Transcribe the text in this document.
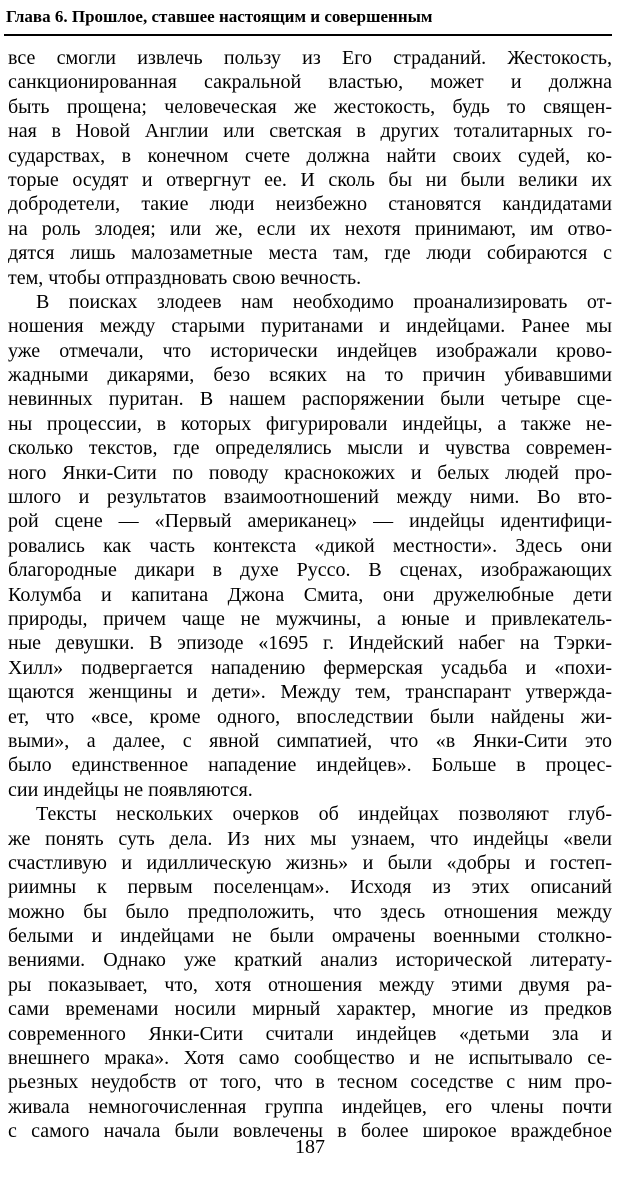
Глава 6. Прошлое, ставшее настоящим и совершенным
все смогли извлечь пользу из Его страданий. Жестокость,
санкционированная сакральной властью, может и должна
быть прощена; человеческая же жестокость, будь то священ-
ная в Новой Англии или светская в других тоталитарных го-
сударствах, в конечном счете должна найти своих судей, ко-
торые осудят и отвергнут ее. И сколь бы ни были велики их
добродетели, такие люди неизбежно становятся кандидатами
на роль злодея; или же, если их нехотя принимают, им отво-
дятся лишь малозаметные места там, где люди собираются с
тем, чтобы отпраздновать свою вечность.
В поисках злодеев нам необходимо проанализировать от-
ношения между старыми пуританами и индейцами. Ранее мы
уже отмечали, что исторически индейцев изображали крово-
жадными дикарями, безо всяких на то причин убивавшими
невинных пуритан. В нашем распоряжении были четыре сце-
ны процессии, в которых фигурировали индейцы, а также не-
сколько текстов, где определялись мысли и чувства современ-
ного Янки-Сити по поводу краснокожих и белых людей про-
шлого и результатов взаимоотношений между ними. Во вто-
рой сцене — «Первый американец» — индейцы идентифици-
ровались как часть контекста «дикой местности». Здесь они
благородные дикари в духе Руссо. В сценах, изображающих
Колумба и капитана Джона Смита, они дружелюбные дети
природы, причем чаще не мужчины, а юные и привлекатель-
ные девушки. В эпизоде «1695 г. Индейский набег на Тэрки-
Хилл» подвергается нападению фермерская усадьба и «похи-
щаются женщины и дети». Между тем, транспарант утвержда-
ет, что «все, кроме одного, впоследствии были найдены жи-
выми», а далее, с явной симпатией, что «в Янки-Сити это
было единственное нападение индейцев». Больше в процес-
сии индейцы не появляются.
Тексты нескольких очерков об индейцах позволяют глуб-
же понять суть дела. Из них мы узнаем, что индейцы «вели
счастливую и идиллическую жизнь» и были «добры и гостеп-
риимны к первым поселенцам». Исходя из этих описаний
можно бы было предположить, что здесь отношения между
белыми и индейцами не были омрачены военными столкно-
вениями. Однако уже краткий анализ исторической литерату-
ры показывает, что, хотя отношения между этими двумя ра-
сами временами носили мирный характер, многие из предков
современного Янки-Сити считали индейцев «детьми зла и
внешнего мрака». Хотя само сообщество и не испытывало се-
рьезных неудобств от того, что в тесном соседстве с ним про-
живала немногочисленная группа индейцев, его члены почти
с самого начала были вовлечены в более широкое враждебное
187
